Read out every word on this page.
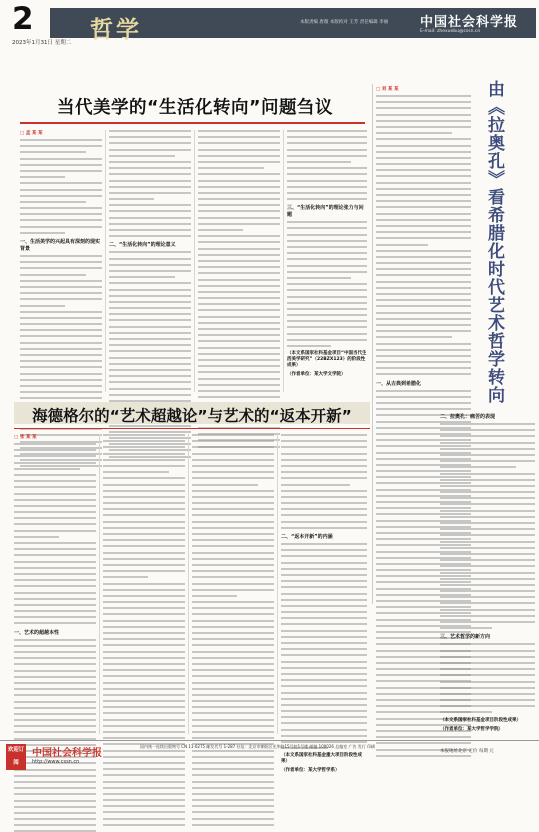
2
2023年1月31日 星期二 哲学	本版责编 唐薇 本版校对 王芳 责任编辑 李丽	中国社会科学报
E-mail: zhexuebu@cssn.cn
当代美学的“生活化转向”问题刍议
□ 孟 某 某
一、生活美学的兴起具有深刻的现实背景
二、“生活化转向”的理论意义
三、“生活化转向”的理论张力与问题
（本文系国家社科基金项目“中国当代生活美学研究”（22BZX123）的阶段性成果）
（作者单位：某大学文学院）
□ 刘 某 某
一、从古典到希腊化	由《拉奥孔》看希腊化时代艺术哲学转向
二、拉奥孔：痛苦的表现
三、艺术哲学的新方向
（本文系国家社科基金项目阶段性成果）
（作者单位：某大学哲学学院）
海德格尔的“艺术超越论”与艺术的“返本开新”
□ 张 某 某
一、艺术的超越本性
二、“返本开新”的内涵
（本文系国家社科基金重大项目阶段性成果）
（作者单位：某大学哲学系）
欢迎订阅
中国社会科学报
http://www.cssn.cn
国内统一连续出版物号 CN 11-0275 邮发代号 1-287 社址：北京市朝阳区光华路15号院1号楼 邮编 100026 总编室 广告 发行 印刷
本报地址北京 定价 每期 元
